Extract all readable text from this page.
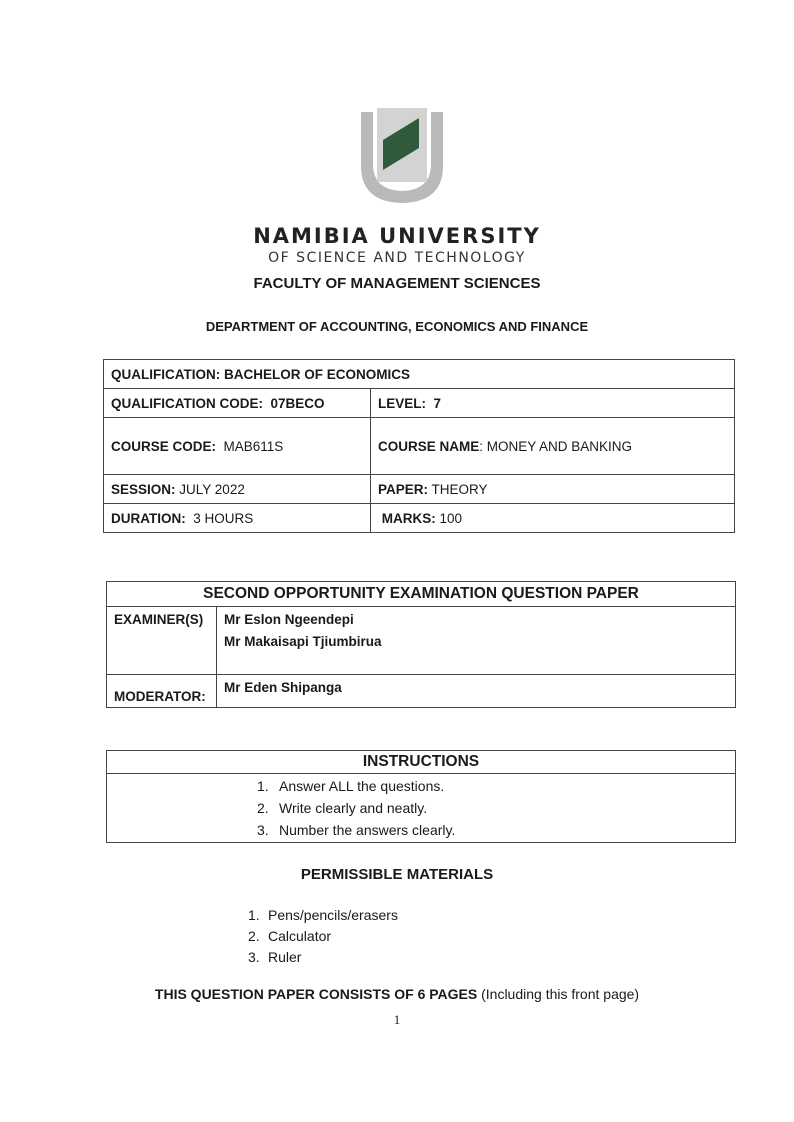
NAMIBIA UNIVERSITY
OF SCIENCE AND TECHNOLOGY
FACULTY OF MANAGEMENT SCIENCES
DEPARTMENT OF ACCOUNTING, ECONOMICS AND FINANCE
QUALIFICATION: BACHELOR OF ECONOMICS	
QUALIFICATION CODE: 07BECO	LEVEL: 7
COURSE CODE: MAB611S	COURSE NAME: MONEY AND BANKING
SESSION: JULY 2022	PAPER: THEORY
DURATION: 3 HOURS	MARKS: 100
SECOND OPPORTUNITY EXAMINATION QUESTION PAPER	
EXAMINER(S)	Mr Eslon Ngeendepi
Mr Makaisapi Tjiumbirua

MODERATOR:	Mr Eden Shipanga
INSTRUCTIONS

1. Answer ALL the questions.
2. Write clearly and neatly.
3. Number the answers clearly.
PERMISSIBLE MATERIALS
1. Pens/pencils/erasers
2. Calculator
3. Ruler
THIS QUESTION PAPER CONSISTS OF 6 PAGES (Including this front page)
1
